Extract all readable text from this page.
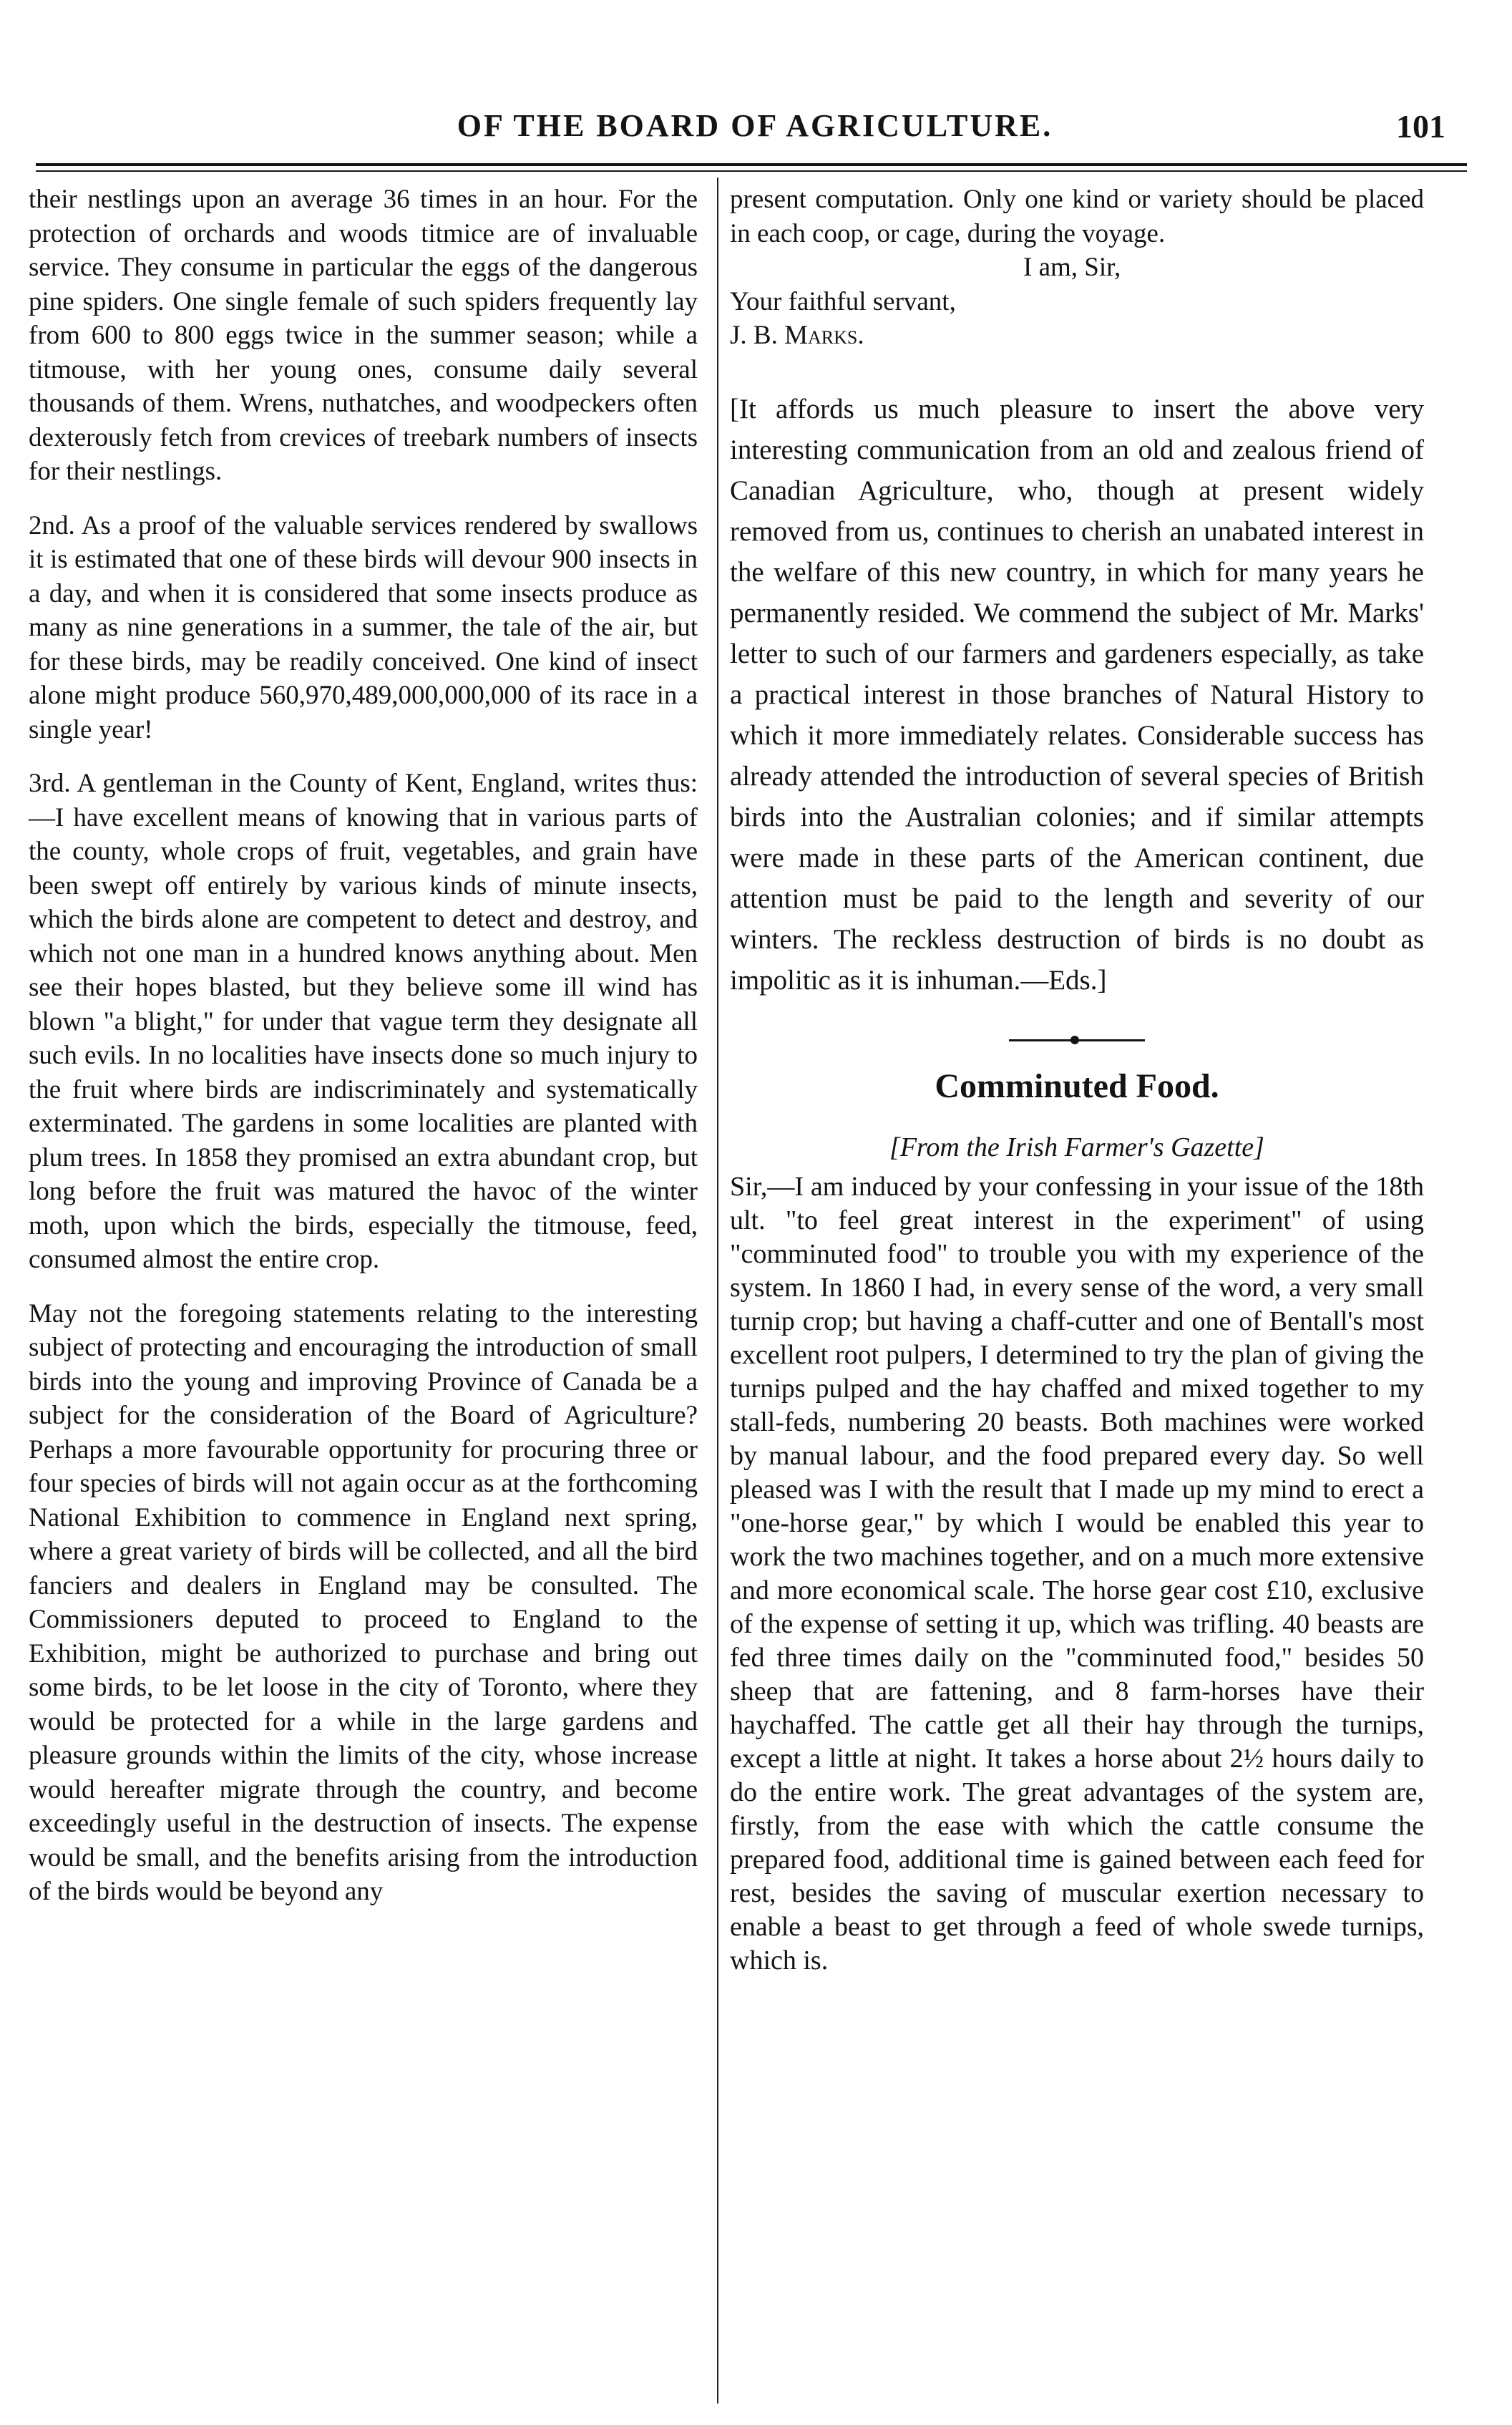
OF THE BOARD OF AGRICULTURE.	101

their nestlings upon an average 36 times in an hour. For the protection of orchards and woods titmice are of invaluable service. They consume in particular the eggs of the dangerous pine spiders. One single female of such spiders frequently lay from 600 to 800 eggs twice in the summer season; while a titmouse, with her young ones, consume daily several thousands of them. Wrens, nuthatches, and woodpeckers often dexterously fetch from crevices of treebark numbers of insects for their nestlings.

2nd. As a proof of the valuable services rendered by swallows it is estimated that one of these birds will devour 900 insects in a day, and when it is considered that some insects produce as many as nine generations in a summer, the tale of the air, but for these birds, may be readily conceived. One kind of insect alone might produce 560,970,489,000,000,000 of its race in a single year!

3rd. A gentleman in the County of Kent, England, writes thus:—I have excellent means of knowing that in various parts of the county, whole crops of fruit, vegetables, and grain have been swept off entirely by various kinds of minute insects, which the birds alone are competent to detect and destroy, and which not one man in a hundred knows anything about. Men see their hopes blasted, but they believe some ill wind has blown "a blight," for under that vague term they designate all such evils. In no localities have insects done so much injury to the fruit where birds are indiscriminately and systematically exterminated. The gardens in some localities are planted with plum trees. In 1858 they promised an extra abundant crop, but long before the fruit was matured the havoc of the winter moth, upon which the birds, especially the titmouse, feed, consumed almost the entire crop.

May not the foregoing statements relating to the interesting subject of protecting and encouraging the introduction of small birds into the young and improving Province of Canada be a subject for the consideration of the Board of Agriculture? Perhaps a more favourable opportunity for procuring three or four species of birds will not again occur as at the forthcoming National Exhibition to commence in England next spring, where a great variety of birds will be collected, and all the bird fanciers and dealers in England may be consulted. The Commissioners deputed to proceed to England to the Exhibition, might be authorized to purchase and bring out some birds, to be let loose in the city of Toronto, where they would be protected for a while in the large gardens and pleasure grounds within the limits of the city, whose increase would hereafter migrate through the country, and become exceedingly useful in the destruction of insects. The expense would be small, and the benefits arising from the introduction of the birds would be beyond any

present computation. Only one kind or variety should be placed in each coop, or cage, during the voyage.

I am, Sir,

Your faithful servant,

J. B. Marks.

[It affords us much pleasure to insert the above very interesting communication from an old and zealous friend of Canadian Agriculture, who, though at present widely removed from us, continues to cherish an unabated interest in the welfare of this new country, in which for many years he permanently resided. We commend the subject of Mr. Marks' letter to such of our farmers and gardeners especially, as take a practical interest in those branches of Natural History to which it more immediately relates. Considerable success has already attended the introduction of several species of British birds into the Australian colonies; and if similar attempts were made in these parts of the American continent, due attention must be paid to the length and severity of our winters. The reckless destruction of birds is no doubt as impolitic as it is inhuman.—Eds.]

Comminuted Food.
[From the Irish Farmer's Gazette]

Sir,—I am induced by your confessing in your issue of the 18th ult. "to feel great interest in the experiment" of using "comminuted food" to trouble you with my experience of the system. In 1860 I had, in every sense of the word, a very small turnip crop; but having a chaff-cutter and one of Bentall's most excellent root pulpers, I determined to try the plan of giving the turnips pulped and the hay chaffed and mixed together to my stall-feds, numbering 20 beasts. Both machines were worked by manual labour, and the food prepared every day. So well pleased was I with the result that I made up my mind to erect a "one-horse gear," by which I would be enabled this year to work the two machines together, and on a much more extensive and more economical scale. The horse gear cost £10, exclusive of the expense of setting it up, which was trifling. 40 beasts are fed three times daily on the "comminuted food," besides 50 sheep that are fattening, and 8 farm-horses have their haychaffed. The cattle get all their hay through the turnips, except a little at night. It takes a horse about 2½ hours daily to do the entire work. The great advantages of the system are, firstly, from the ease with which the cattle consume the prepared food, additional time is gained between each feed for rest, besides the saving of muscular exertion necessary to enable a beast to get through a feed of whole swede turnips, which is.
